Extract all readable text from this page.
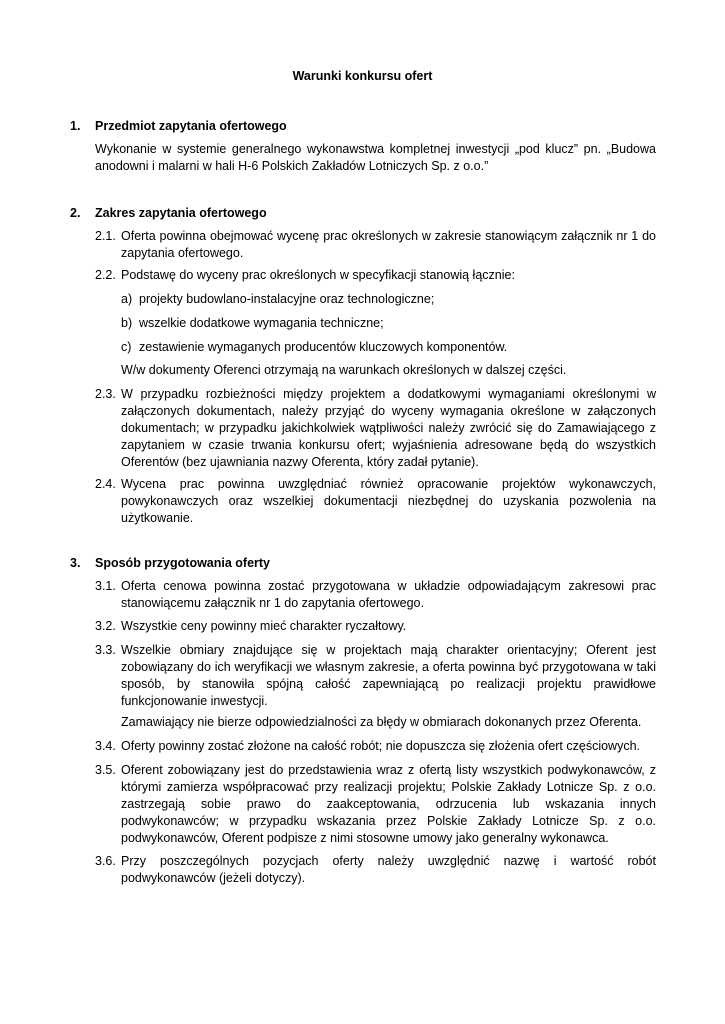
Warunki konkursu ofert
1. Przedmiot zapytania ofertowego
Wykonanie w systemie generalnego wykonawstwa kompletnej inwestycji „pod klucz” pn. „Budowa anodowni i malarni w hali H-6 Polskich Zakładów Lotniczych Sp. z o.o.”
2. Zakres zapytania ofertowego
2.1. Oferta powinna obejmować wycenę prac określonych w zakresie stanowiącym załącznik nr 1 do zapytania ofertowego.
2.2. Podstawę do wyceny prac określonych w specyfikacji stanowią łącznie:
a) projekty budowlano-instalacyjne oraz technologiczne;
b) wszelkie dodatkowe wymagania techniczne;
c) zestawienie wymaganych producentów kluczowych komponentów.
W/w dokumenty Oferenci otrzymają na warunkach określonych w dalszej części.
2.3. W przypadku rozbieżności między projektem a dodatkowymi wymaganiami określonymi w załączonych dokumentach, należy przyjąć do wyceny wymagania określone w załączonych dokumentach; w przypadku jakichkolwiek wątpliwości należy zwrócić się do Zamawiającego z zapytaniem w czasie trwania konkursu ofert; wyjaśnienia adresowane będą do wszystkich Oferentów (bez ujawniania nazwy Oferenta, który zadał pytanie).
2.4. Wycena prac powinna uwzględniać również opracowanie projektów wykonawczych, powykonawczych oraz wszelkiej dokumentacji niezbędnej do uzyskania pozwolenia na użytkowanie.
3. Sposób przygotowania oferty
3.1. Oferta cenowa powinna zostać przygotowana w układzie odpowiadającym zakresowi prac stanowiącemu załącznik nr 1 do zapytania ofertowego.
3.2. Wszystkie ceny powinny mieć charakter ryczałtowy.
3.3. Wszelkie obmiary znajdujące się w projektach mają charakter orientacyjny; Oferent jest zobowiązany do ich weryfikacji we własnym zakresie, a oferta powinna być przygotowana w taki sposób, by stanowiła spójną całość zapewniającą po realizacji projektu prawidłowe funkcjonowanie inwestycji.
Zamawiający nie bierze odpowiedzialności za błędy w obmiarach dokonanych przez Oferenta.
3.4. Oferty powinny zostać złożone na całość robót; nie dopuszcza się złożenia ofert częściowych.
3.5. Oferent zobowiązany jest do przedstawienia wraz z ofertą listy wszystkich podwykonawców, z którymi zamierza współpracować przy realizacji projektu; Polskie Zakłady Lotnicze Sp. z o.o. zastrzegają sobie prawo do zaakceptowania, odrzucenia lub wskazania innych podwykonawców; w przypadku wskazania przez Polskie Zakłady Lotnicze Sp. z o.o. podwykonawców, Oferent podpisze z nimi stosowne umowy jako generalny wykonawca.
3.6. Przy poszczególnych pozycjach oferty należy uwzględnić nazwę i wartość robót podwykonawców (jeżeli dotyczy).
